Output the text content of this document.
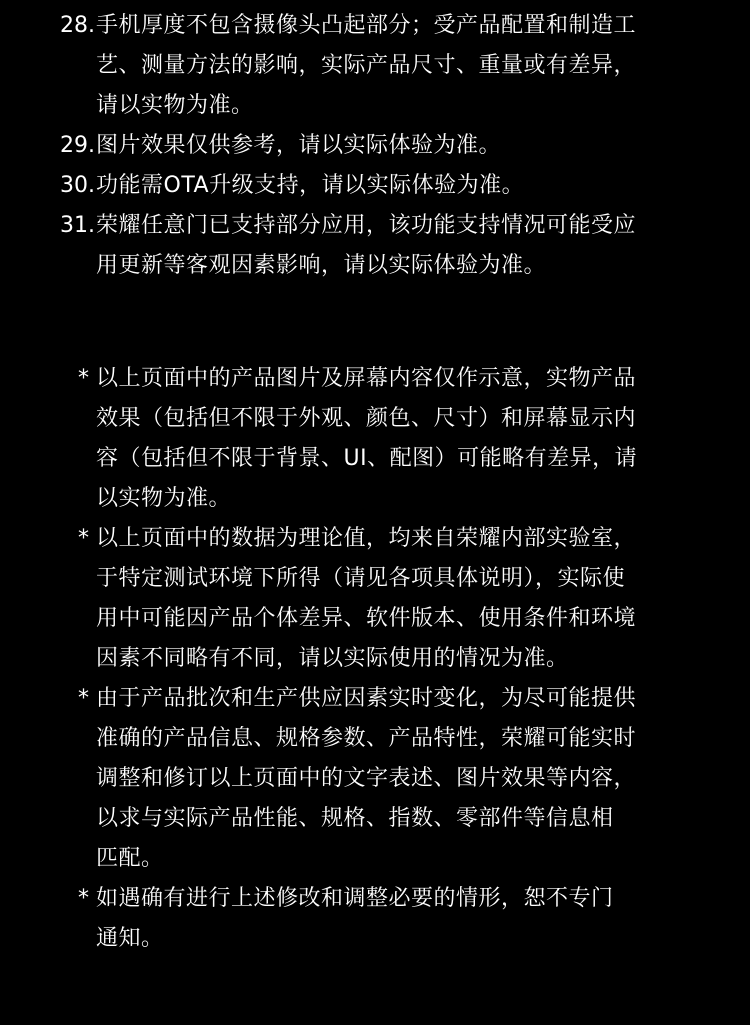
28. 手机厚度不包含摄像头凸起部分；受产品配置和制造工
艺、测量方法的影响，实际产品尺寸、重量或有差异，
请以实物为准。
29. 图片效果仅供参考，请以实际体验为准。
30. 功能需OTA升级支持，请以实际体验为准。
31. 荣耀任意门已支持部分应用，该功能支持情况可能受应
用更新等客观因素影响，请以实际体验为准。
* 以上页面中的产品图片及屏幕内容仅作示意，实物产品
效果（包括但不限于外观、颜色、尺寸）和屏幕显示内
容（包括但不限于背景、UI、配图）可能略有差异，请
以实物为准。
* 以上页面中的数据为理论值，均来自荣耀内部实验室，
于特定测试环境下所得（请见各项具体说明），实际使
用中可能因产品个体差异、软件版本、使用条件和环境
因素不同略有不同，请以实际使用的情况为准。
* 由于产品批次和生产供应因素实时变化，为尽可能提供
准确的产品信息、规格参数、产品特性，荣耀可能实时
调整和修订以上页面中的文字表述、图片效果等内容，
以求与实际产品性能、规格、指数、零部件等信息相
匹配。
* 如遇确有进行上述修改和调整必要的情形，恕不专门
通知。
